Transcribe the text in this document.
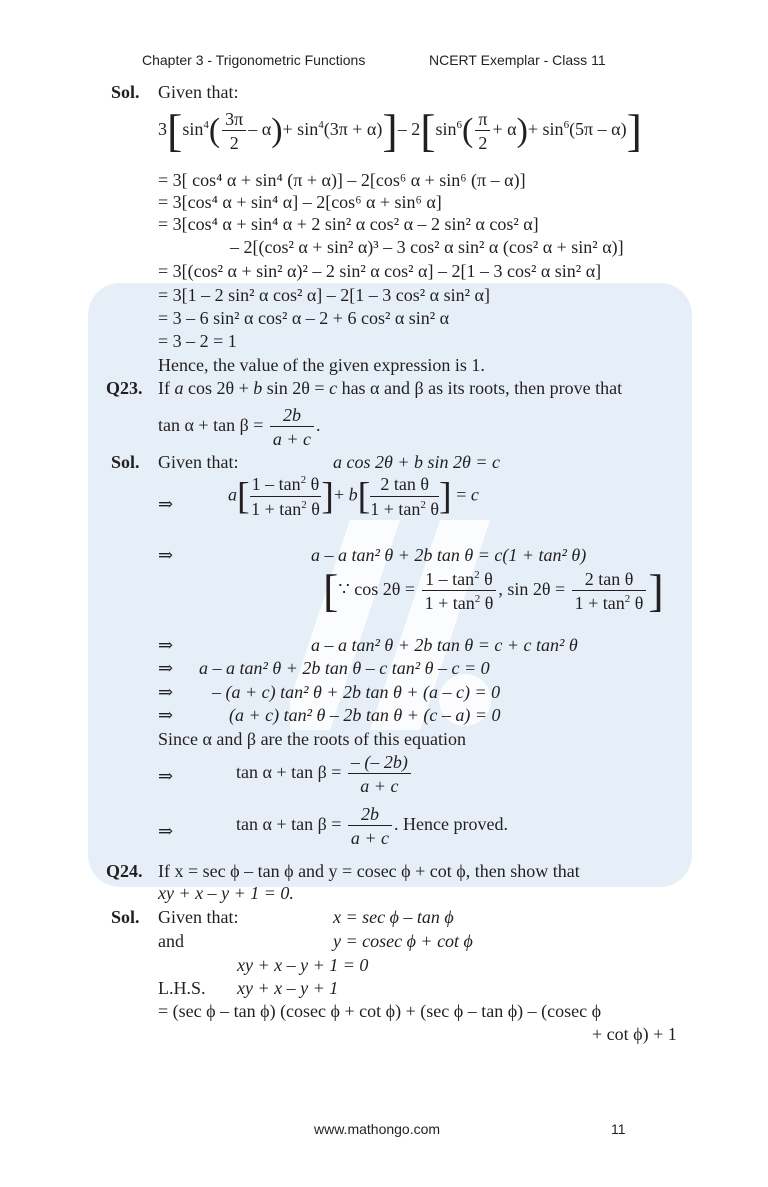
Chapter 3 - Trigonometric Functions	NCERT Exemplar - Class 11
Sol. Given that:
$3[\sin^4( \frac{3\pi}{2} - \alpha)+ \sin^4(3\pi + \alpha)]-$ $2[\sin^6( \frac{\pi}{2} + \alpha)+ \sin^6(5\pi - \alpha)]$
= 3[ cos⁴ α + sin⁴ (π + α)] – 2[cos⁶ α + sin⁶ (π – α)]
= 3[cos⁴ α + sin⁴ α] – 2[cos⁶ α + sin⁶ α]
= 3[cos⁴ α + sin⁴ α + 2 sin² α cos² α – 2 sin² α cos² α]
– 2[(cos² α + sin² α)³ – 3 cos² α sin² α (cos² α + sin² α)]
= 3[(cos² α + sin² α)² – 2 sin² α cos² α] – 2[1 – 3 cos² α sin² α]
= 3[1 – 2 sin² α cos² α] – 2[1 – 3 cos² α sin² α]
= 3 – 6 sin² α cos² α – 2 + 6 cos² α sin² α
= 3 – 2 = 1
Hence, the value of the given expression is 1.
Q23. If a cos 2θ + b sin 2θ = c has α and β as its roots, then prove that
$\tan \alpha + \tan \beta = \frac{2b}{a + c}$ .
Sol. Given that:	a cos 2θ + b sin 2θ = c
⇒	$a[ \frac{1 - \tan^2 \theta}{1 + \tan^2 \theta}$ ]+ $b[ \frac{\text{2 tan θ}}{1 + \tan^2 \theta}$ ] = c
⇒	a – a tan² θ + 2b tan θ = c(1 + tan² θ)
[∵ $\cos 2\theta = \frac{1 - \tan^2 \theta}{1 + \tan^2 \theta}$ , $\sin 2\theta = \frac{\text{2 tan θ}}{1 + \tan^2 \theta}$ ]
⇒	a – a tan² θ + 2b tan θ = c + c tan² θ
⇒ a – a tan² θ + 2b tan θ – c tan² θ – c = 0
⇒ – (a + c) tan² θ + 2b tan θ + (a – c) = 0
⇒	(a + c) tan² θ – 2b tan θ + (c – a) = 0
Since α and β are the roots of this equation
⇒	$\tan \alpha + \tan \beta = \frac{- (- 2b)}{a + c}$
⇒	$\tan \alpha + \tan \beta = \frac{2b}{a + c}$ . Hence proved.
Q24. If x = sec ϕ – tan ϕ and y = cosec ϕ + cot ϕ, then show that
xy + x – y + 1 = 0.
Sol. Given that:	x = sec ϕ – tan ϕ
and	y = cosec ϕ + cot ϕ
xy + x – y + 1 = 0
L.H.S. xy + x – y + 1
= (sec ϕ – tan ϕ) (cosec ϕ + cot ϕ) + (sec ϕ – tan ϕ) – (cosec ϕ
+ cot ϕ) + 1
www.mathongo.com	11
